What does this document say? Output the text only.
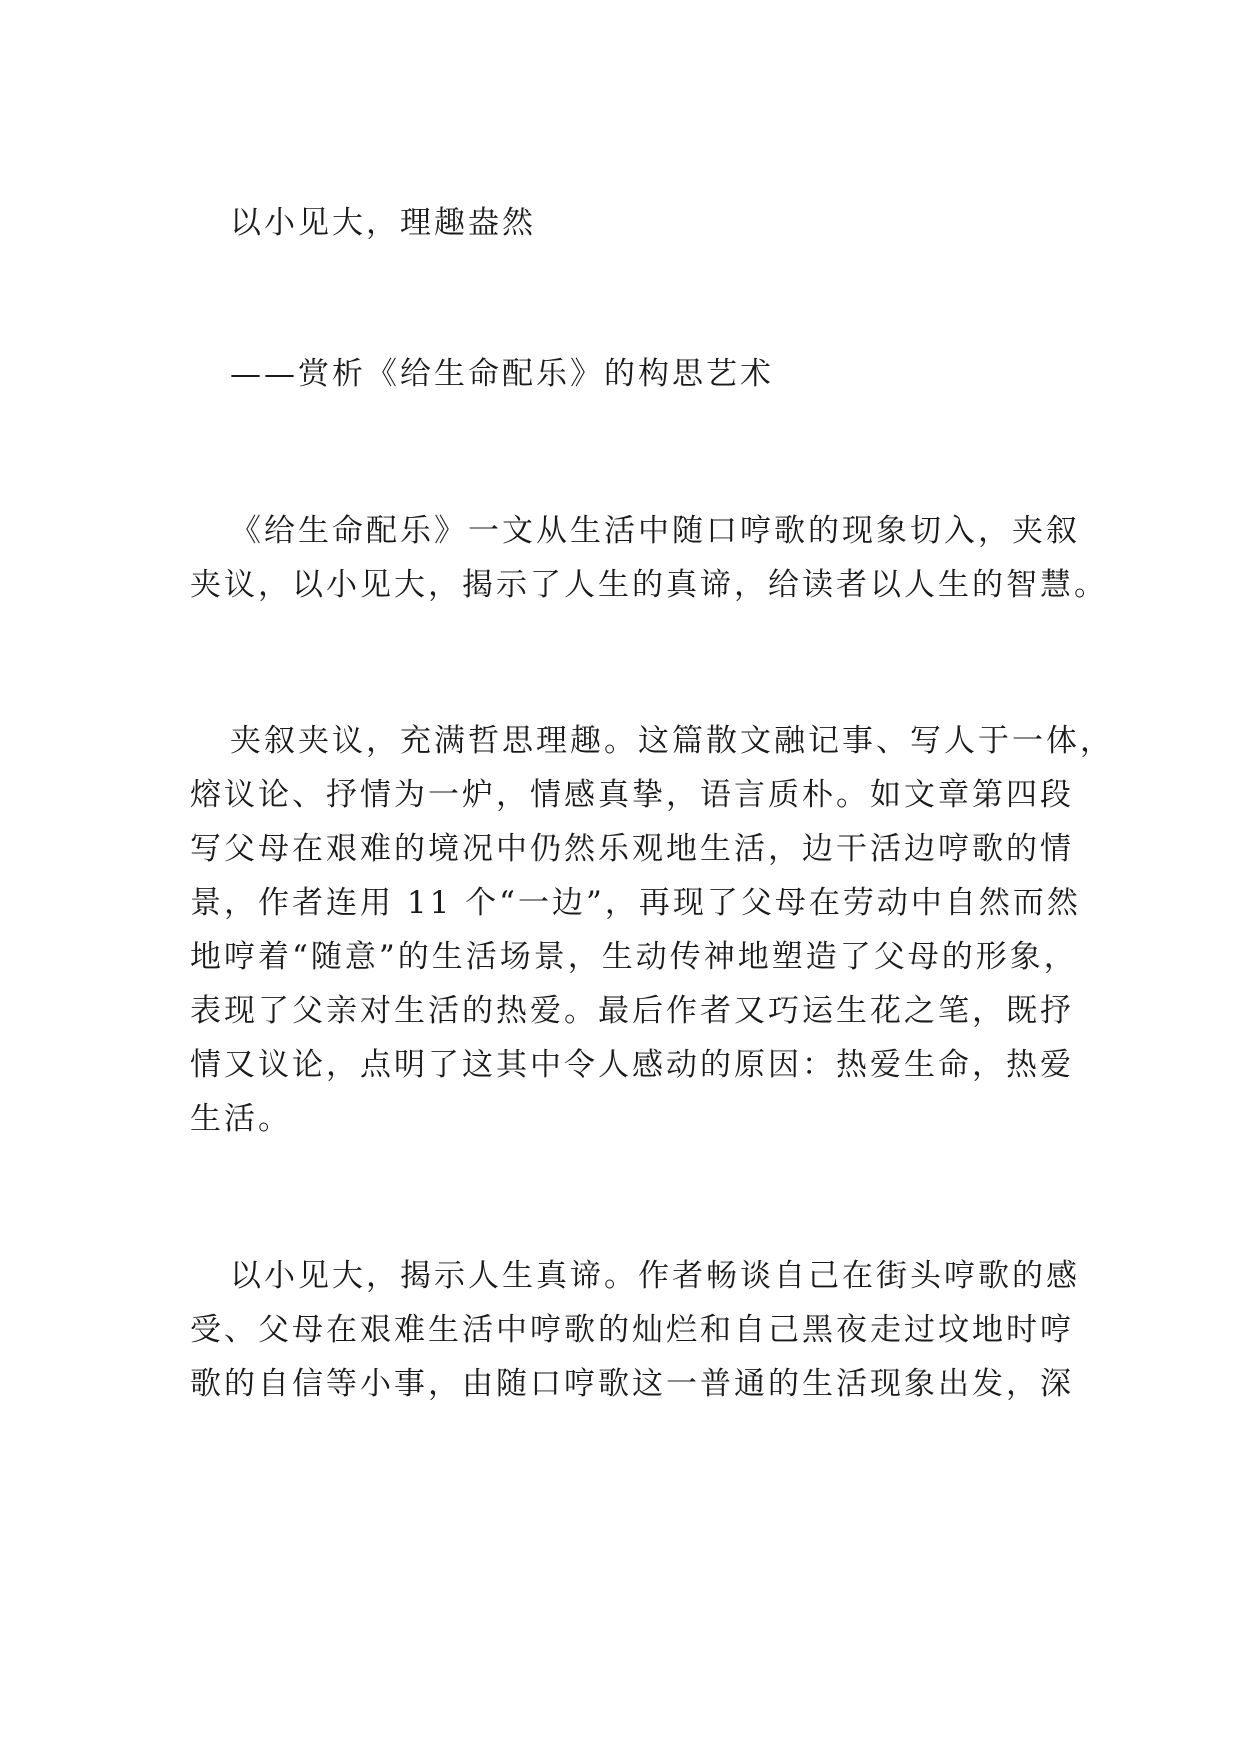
以小见大，理趣盎然
——赏析《给生命配乐》的构思艺术
《给生命配乐》一文从生活中随口哼歌的现象切入，夹叙
夹议，以小见大，揭示了人生的真谛，给读者以人生的智慧。
夹叙夹议，充满哲思理趣。这篇散文融记事、写人于一体，
熔议论、抒情为一炉，情感真挚，语言质朴。如文章第四段
写父母在艰难的境况中仍然乐观地生活，边干活边哼歌的情
景，作者连用 11 个“一边”，再现了父母在劳动中自然而然
地哼着“随意”的生活场景，生动传神地塑造了父母的形象，
表现了父亲对生活的热爱。最后作者又巧运生花之笔，既抒
情又议论，点明了这其中令人感动的原因：热爱生命，热爱
生活。
以小见大，揭示人生真谛。作者畅谈自己在街头哼歌的感
受、父母在艰难生活中哼歌的灿烂和自己黑夜走过坟地时哼
歌的自信等小事，由随口哼歌这一普通的生活现象出发，深
